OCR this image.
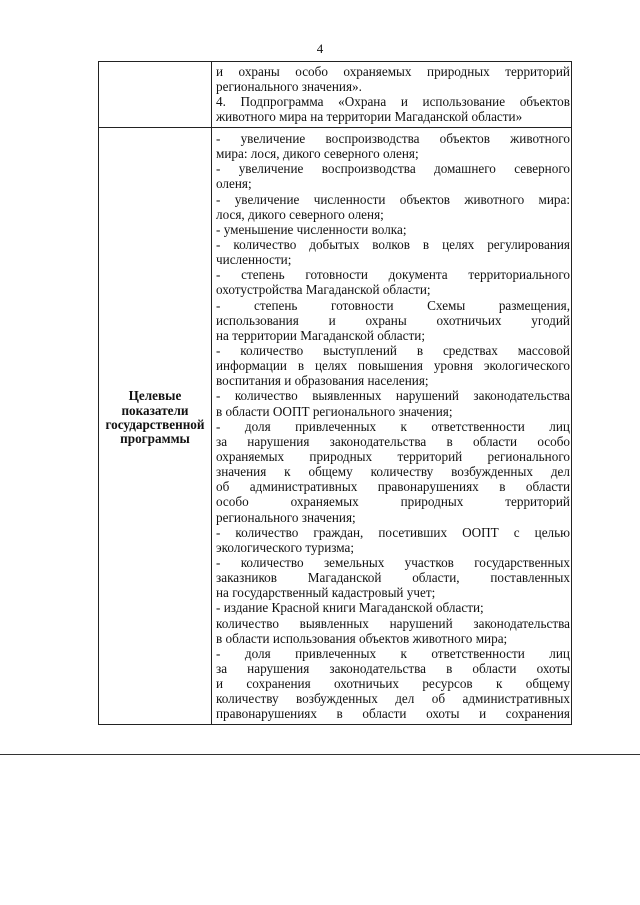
4
и охраны особо охраняемых природных территорий
регионального значения».
4. Подпрограмма «Охрана и использование объектов
животного мира на территории Магаданской области»
Целевые
показатели
государственной
программы
- увеличение воспроизводства объектов животного
мира: лося, дикого северного оленя;
- увеличение воспроизводства домашнего северного
оленя;
- увеличение численности объектов животного мира:
лося, дикого северного оленя;
- уменьшение численности волка;
- количество добытых волков в целях регулирования
численности;
- степень готовности документа территориального
охотустройства Магаданской области;
- степень готовности Схемы размещения,
использования и охраны охотничьих угодий
на территории Магаданской области;
- количество выступлений в средствах массовой
информации в целях повышения уровня экологического
воспитания и образования населения;
- количество выявленных нарушений законодательства
в области ООПТ регионального значения;
- доля привлеченных к ответственности лиц
за нарушения законодательства в области особо
охраняемых природных территорий регионального
значения к общему количеству возбужденных дел
об административных правонарушениях в области
особо охраняемых природных территорий
регионального значения;
- количество граждан, посетивших ООПТ с целью
экологического туризма;
- количество земельных участков государственных
заказников Магаданской области, поставленных
на государственный кадастровый учет;
- издание Красной книги Магаданской области;
количество выявленных нарушений законодательства
в области использования объектов животного мира;
- доля привлеченных к ответственности лиц
за нарушения законодательства в области охоты
и сохранения охотничьих ресурсов к общему
количеству возбужденных дел об административных
правонарушениях в области охоты и сохранения
